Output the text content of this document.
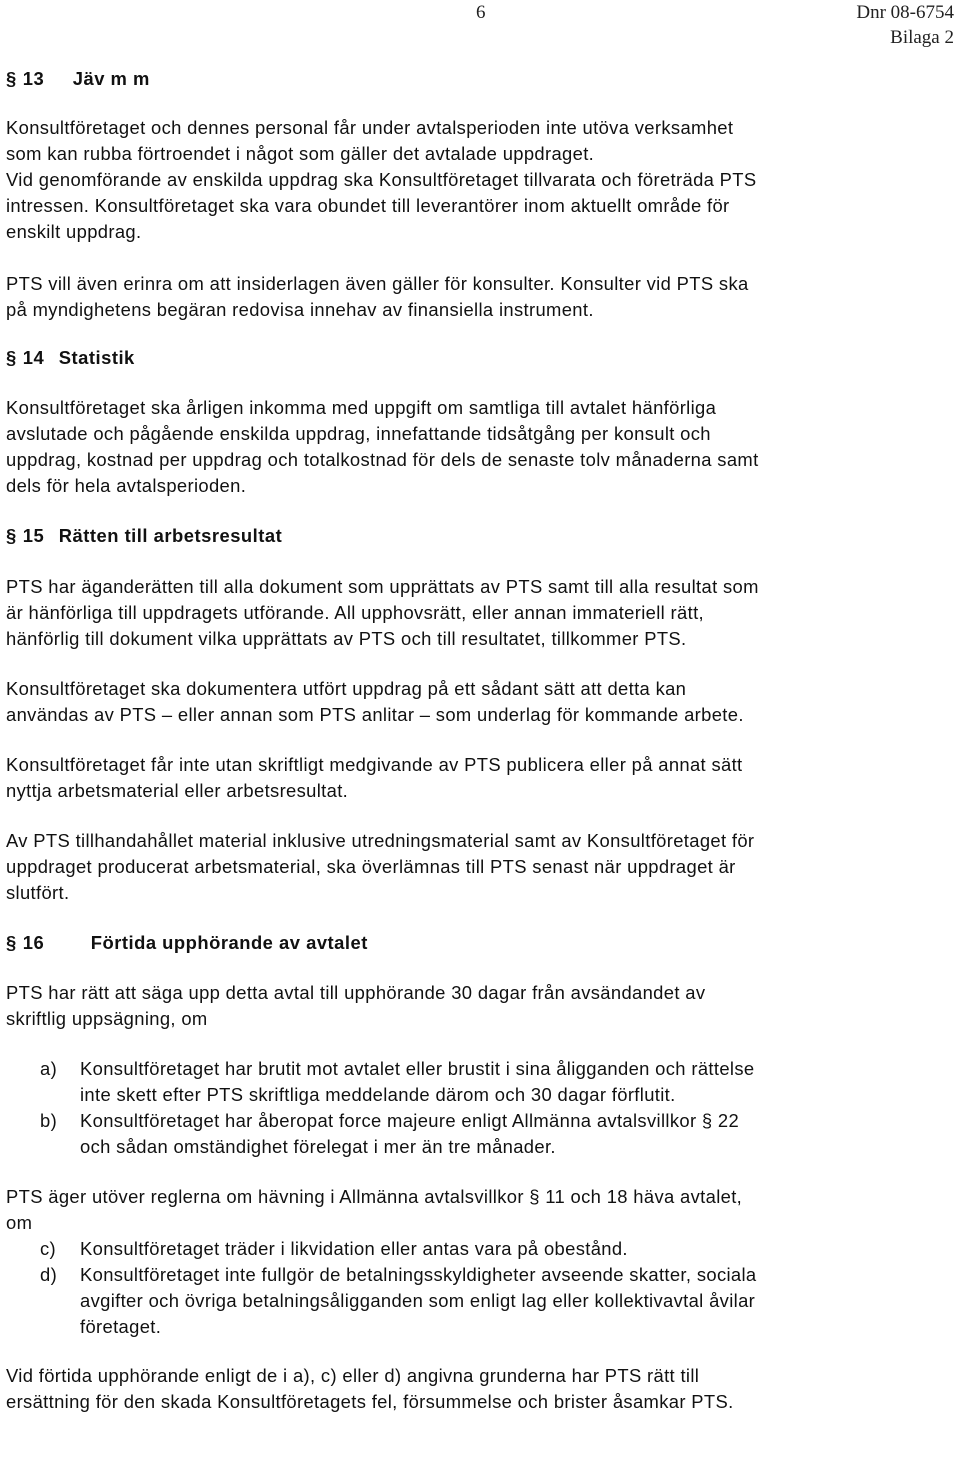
6	Dnr 08-6754
Bilaga 2

§ 13 Jäv m m

Konsultföretaget och dennes personal får under avtalsperioden inte utöva verksamhet

som kan rubba förtroendet i något som gäller det avtalade uppdraget.

Vid genomförande av enskilda uppdrag ska Konsultföretaget tillvarata och företräda PTS

intressen. Konsultföretaget ska vara obundet till leverantörer inom aktuellt område för

enskilt uppdrag.

PTS vill även erinra om att insiderlagen även gäller för konsulter. Konsulter vid PTS ska

på myndighetens begäran redovisa innehav av finansiella instrument.

§ 14 Statistik

Konsultföretaget ska årligen inkomma med uppgift om samtliga till avtalet hänförliga

avslutade och pågående enskilda uppdrag, innefattande tidsåtgång per konsult och

uppdrag, kostnad per uppdrag och totalkostnad för dels de senaste tolv månaderna samt

dels för hela avtalsperioden.

§ 15 Rätten till arbetsresultat

PTS har äganderätten till alla dokument som upprättats av PTS samt till alla resultat som

är hänförliga till uppdragets utförande. All upphovsrätt, eller annan immateriell rätt,

hänförlig till dokument vilka upprättats av PTS och till resultatet, tillkommer PTS.

Konsultföretaget ska dokumentera utfört uppdrag på ett sådant sätt att detta kan

användas av PTS – eller annan som PTS anlitar – som underlag för kommande arbete.

Konsultföretaget får inte utan skriftligt medgivande av PTS publicera eller på annat sätt

nyttja arbetsmaterial eller arbetsresultat.

Av PTS tillhandahållet material inklusive utredningsmaterial samt av Konsultföretaget för

uppdraget producerat arbetsmaterial, ska överlämnas till PTS senast när uppdraget är

slutfört.

§ 16	Förtida upphörande av avtalet

PTS har rätt att säga upp detta avtal till upphörande 30 dagar från avsändandet av

skriftlig uppsägning, om

a)	Konsultföretaget har brutit mot avtalet eller brustit i sina åligganden och rättelse
inte skett efter PTS skriftliga meddelande därom och 30 dagar förflutit.
b)	Konsultföretaget har åberopat force majeure enligt Allmänna avtalsvillkor § 22
och sådan omständighet förelegat i mer än tre månader.

PTS äger utöver reglerna om hävning i Allmänna avtalsvillkor § 11 och 18 häva avtalet,

om

c)	Konsultföretaget träder i likvidation eller antas vara på obestånd.
d)	Konsultföretaget inte fullgör de betalningsskyldigheter avseende skatter, sociala
avgifter och övriga betalningsåligganden som enligt lag eller kollektivavtal åvilar
företaget.

Vid förtida upphörande enligt de i a), c) eller d) angivna grunderna har PTS rätt till

ersättning för den skada Konsultföretagets fel, försummelse och brister åsamkar PTS.
